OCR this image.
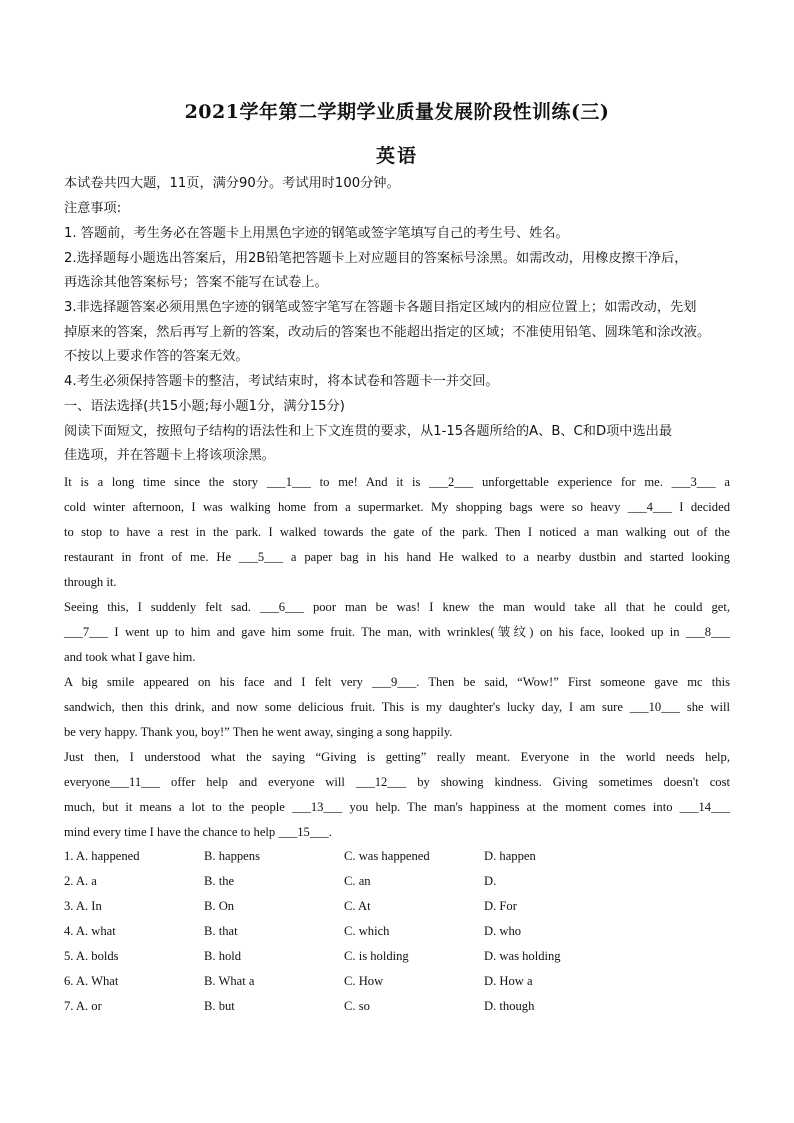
2021学年第二学期学业质量发展阶段性训练(三)
英语
本试卷共四大题，11页，满分90分。考试用时100分钟。
注意事项:
1. 答题前，考生务必在答题卡上用黑色字迹的钢笔或签字笔填写自己的考生号、姓名。
2.选择题每小题选出答案后，用2B铅笔把答题卡上对应题目的答案标号涂黑。如需改动，用橡皮擦干净后，
再选涂其他答案标号；答案不能写在试卷上。
3.非选择题答案必须用黑色字迹的钢笔或签字笔写在答题卡各题目指定区域内的相应位置上；如需改动，先划
掉原来的答案，然后再写上新的答案，改动后的答案也不能超出指定的区域；不准使用铅笔、圆珠笔和涂改液。
不按以上要求作答的答案无效。
4.考生必须保持答题卡的整洁，考试结束时，将本试卷和答题卡一并交回。
一、语法选择(共15小题;每小题1分，满分15分)
阅读下面短文，按照句子结构的语法性和上下文连贯的要求，从1-15各题所给的A、B、C和D项中选出最
佳选项，并在答题卡上将该项涂黑。
It is a long time since the story ___1___ to me! And it is ___2___ unforgettable experience for me. ___3___ a
cold winter afternoon, I was walking home from a supermarket. My shopping bags were so heavy ___4___ I decided
to stop to have a rest in the park. I walked towards the gate of the park. Then I noticed a man walking out of the
restaurant in front of me. He ___5___ a paper bag in his hand He walked to a nearby dustbin and started looking
through it.
Seeing this, I suddenly felt sad. ___6___ poor man be was! I knew the man would take all that he could get,
___7___ I went up to him and gave him some fruit. The man, with wrinkles(皱纹) on his face, looked up in ___8___
and took what I gave him.
A big smile appeared on his face and I felt very ___9___. Then be said, “Wow!” First someone gave mc this
sandwich, then this drink, and now some delicious fruit. This is my daughter's lucky day, I am sure ___10___ she will
be very happy. Thank you, boy!” Then he went away, singing a song happily.
Just then, I understood what the saying “Giving is getting” really meant. Everyone in the world needs help,
everyone___11___ offer help and everyone will ___12___ by showing kindness. Giving sometimes doesn't cost
much, but it means a lot to the people ___13___ you help. The man's happiness at the moment comes into ___14___
mind every time I have the chance to help ___15___.
1. A. happened	B. happens	C. was happened	D. happen
2. A. a	B. the	C. an	D.
3. A. In	B. On	C. At	D. For
4. A. what	B. that	C. which	D. who
5. A. bolds	B. hold	C. is holding	D. was holding
6. A. What	B. What a	C. How	D. How a
7. A. or	B. but	C. so	D. though
